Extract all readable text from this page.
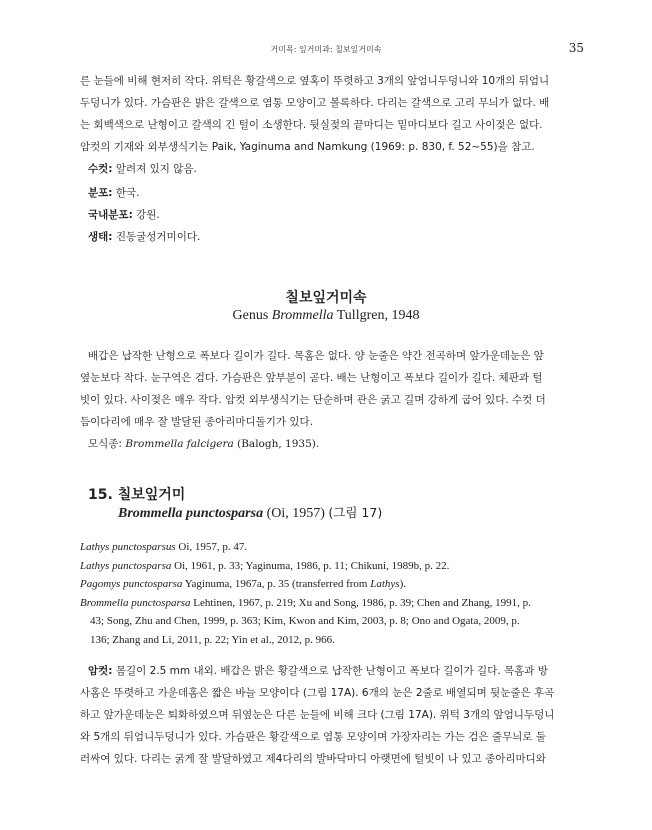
거미목: 잎거미과: 칠보잎거미속	35
른 눈들에 비해 현저히 작다. 위턱은 황갈색으로 옆혹이 뚜렷하고 3개의 앞엄니두덩니와 10개의 뒤엄니
두덩니가 있다. 가슴판은 밝은 갈색으로 염통 모양이고 볼록하다. 다리는 갈색으로 고리 무늬가 없다. 배
는 회백색으로 난형이고 갈색의 긴 털이 소생한다. 뒷실젖의 끝마디는 밑마디보다 길고 사이젖은 없다.
암컷의 기재와 외부생식기는 Paik, Yaginuma and Namkung (1969: p. 830, f. 52~55)을 참고.
수컷: 알려져 있지 않음.
분포: 한국.
국내분포: 강원.
생태: 진동굴성거미이다.
칠보잎거미속
Genus Brommella Tullgren, 1948
배갑은 납작한 난형으로 폭보다 길이가 길다. 목홈은 없다. 양 눈줄은 약간 전곡하며 앞가운데눈은 앞
옆눈보다 작다. 눈구역은 검다. 가슴판은 앞부분이 곧다. 배는 난형이고 폭보다 길이가 길다. 체판과 털
빗이 있다. 사이젖은 매우 작다. 암컷 외부생식기는 단순하며 관은 굵고 길며 강하게 굽어 있다. 수컷 더
듬이다리에 매우 잘 발달된 종아리마디돌기가 있다.
모식종: Brommella falcigera (Balogh, 1935).
15. 칠보잎거미
Brommella punctosparsa (Oi, 1957) (그림 17)
Lathys punctosparsus Oi, 1957, p. 47.
Lathys punctosparsa Oi, 1961, p. 33; Yaginuma, 1986, p. 11; Chikuni, 1989b, p. 22.
Pagomys punctosparsa Yaginuma, 1967a, p. 35 (transferred from Lathys).
Brommella punctosparsa Lehtinen, 1967, p. 219; Xu and Song, 1986, p. 39; Chen and Zhang, 1991, p.
43; Song, Zhu and Chen, 1999, p. 363; Kim, Kwon and Kim, 2003, p. 8; Ono and Ogata, 2009, p.
136; Zhang and Li, 2011, p. 22; Yin et al., 2012, p. 966.
암컷: 몸길이 2.5 mm 내외. 배갑은 밝은 황갈색으로 납작한 난형이고 폭보다 길이가 길다. 목홈과 방
사홈은 뚜렷하고 가운데홈은 짧은 바늘 모양이다 (그림 17A). 6개의 눈은 2줄로 배열되며 뒷눈줄은 후곡
하고 앞가운데눈은 퇴화하였으며 뒤옆눈은 다른 눈들에 비해 크다 (그림 17A). 위턱 3개의 앞엄니두덩니
와 5개의 뒤엄니두덩니가 있다. 가슴판은 황갈색으로 염통 모양이며 가장자리는 가는 검은 줄무늬로 둘
러싸여 있다. 다리는 굵게 잘 발달하였고 제4다리의 발바닥마디 아랫면에 털빗이 나 있고 종아리마디와
